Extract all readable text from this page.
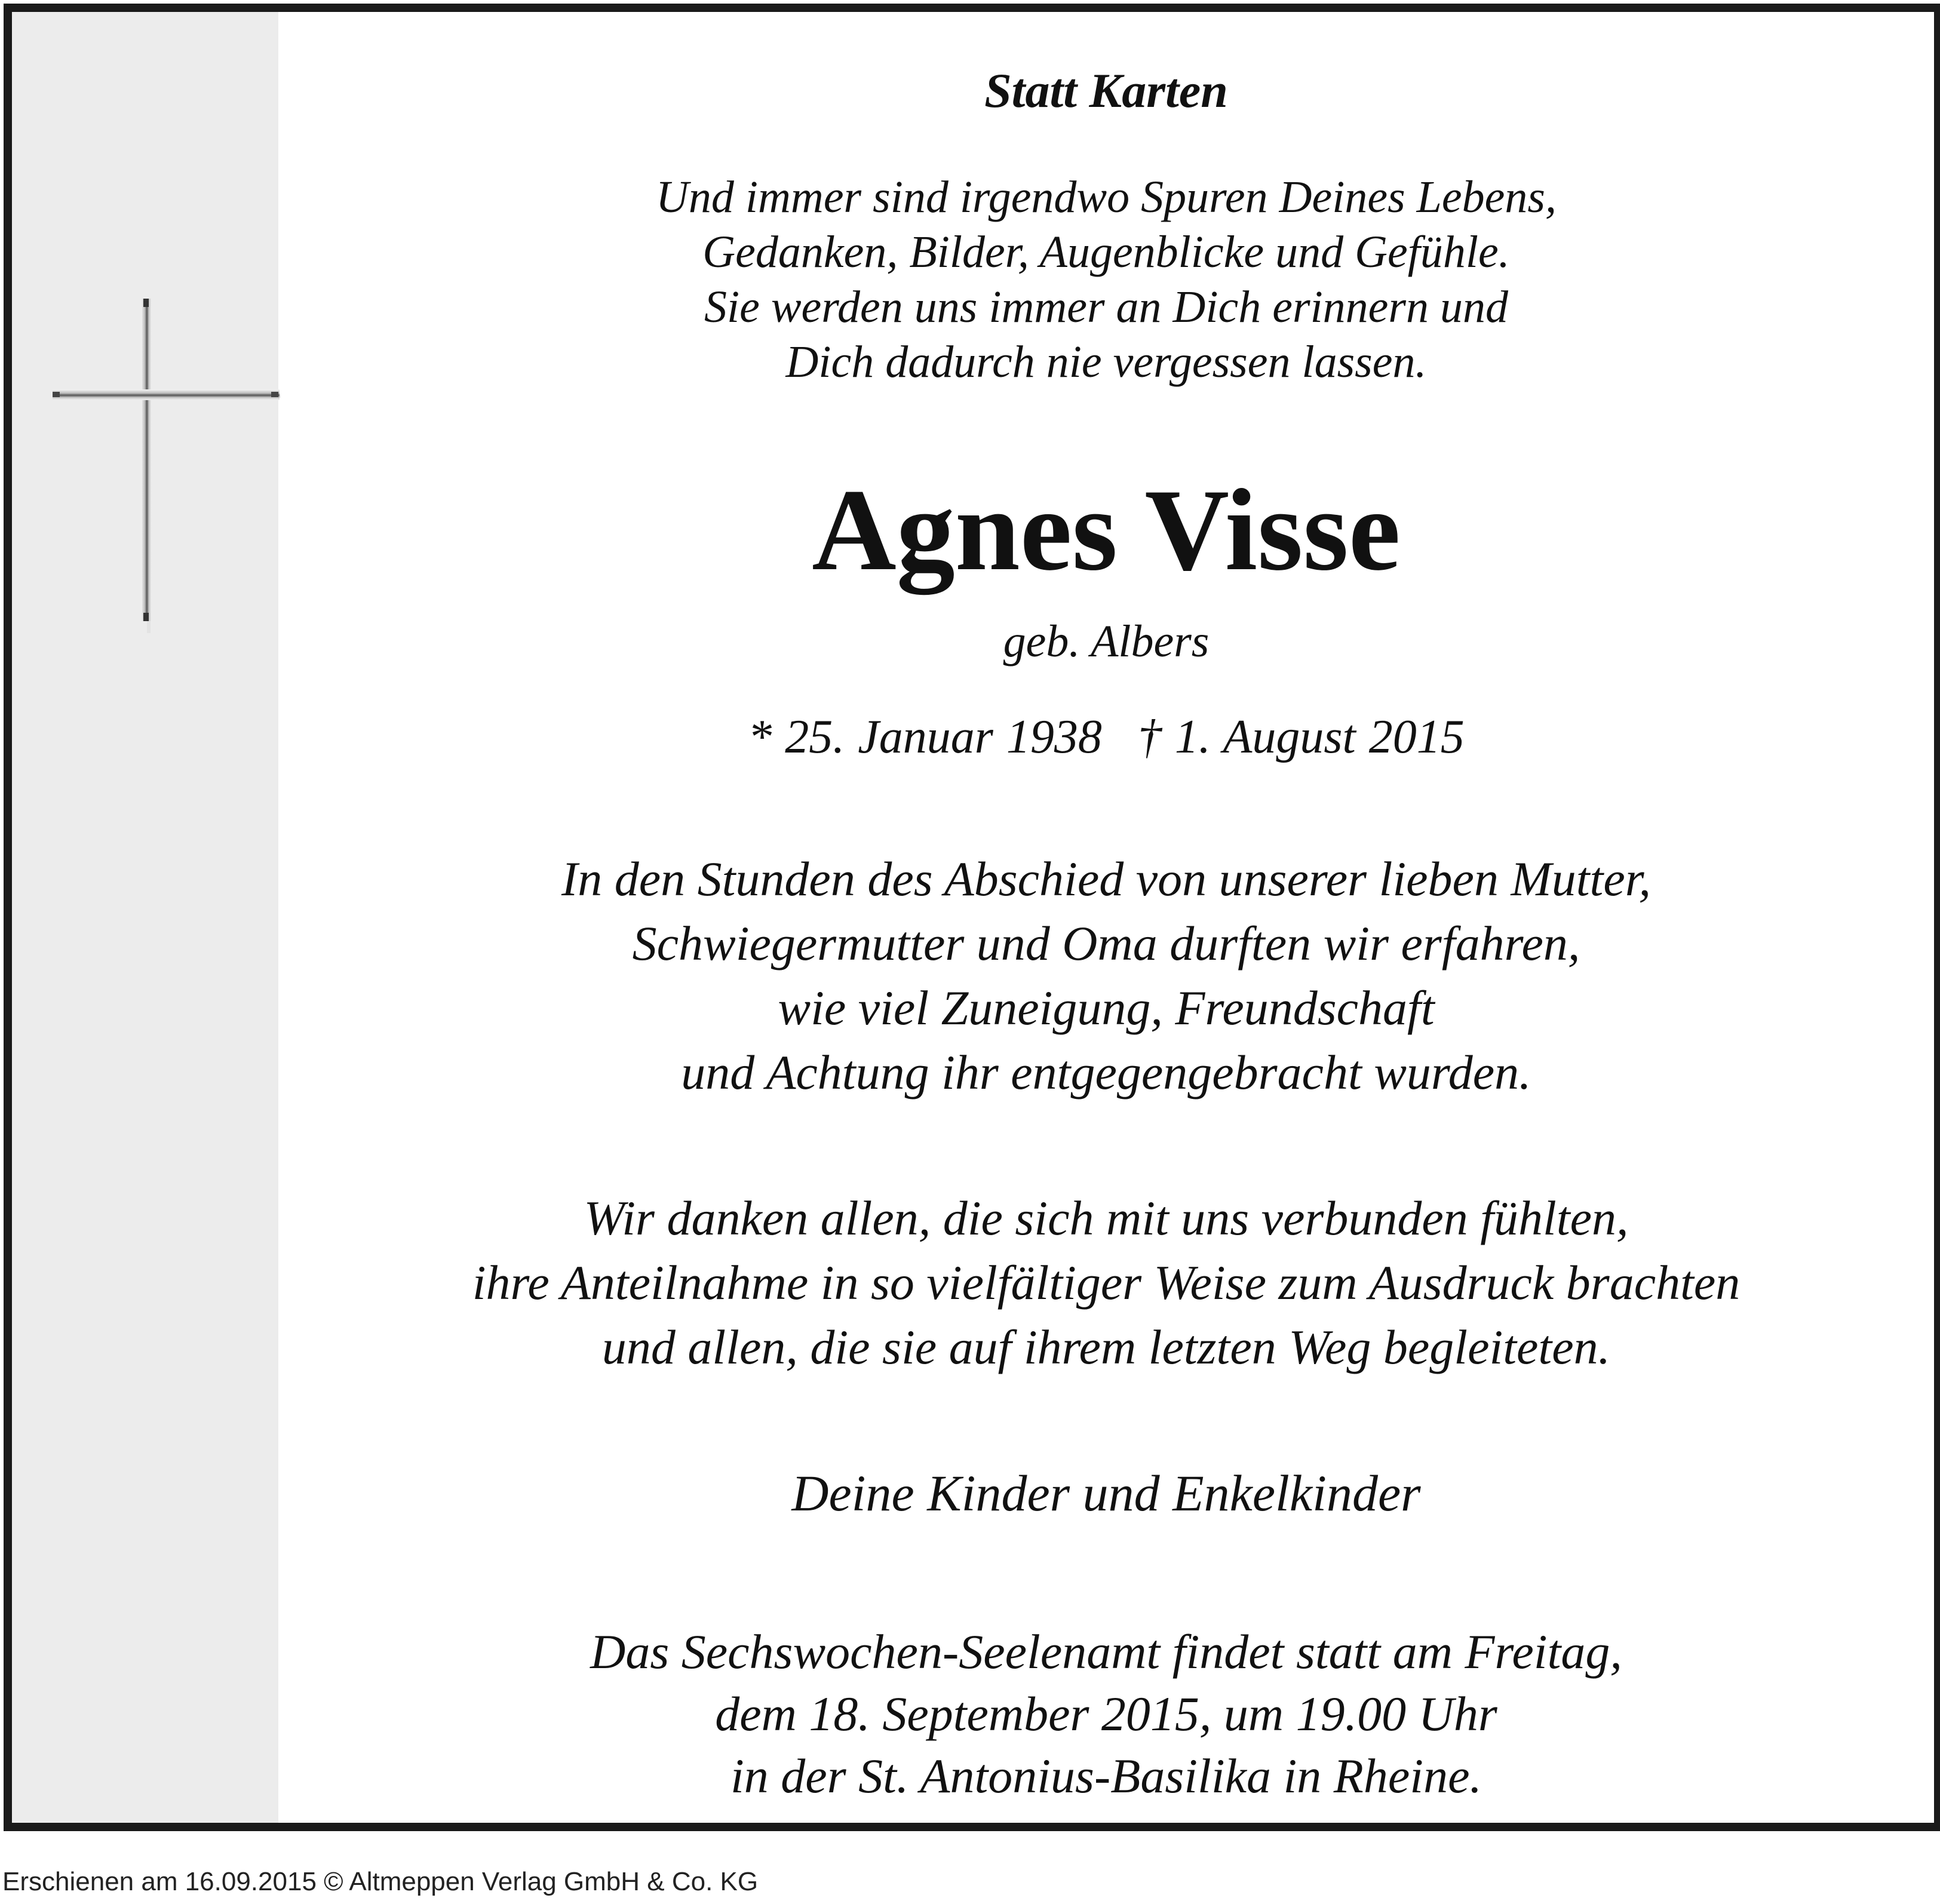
Statt Karten
Und immer sind irgendwo Spuren Deines Lebens,
Gedanken, Bilder, Augenblicke und Gefühle.
Sie werden uns immer an Dich erinnern und
Dich dadurch nie vergessen lassen.
Agnes Visse
geb. Albers
* 25. Januar 1938 † 1. August 2015
In den Stunden des Abschied von unserer lieben Mutter,
Schwiegermutter und Oma durften wir erfahren,
wie viel Zuneigung, Freundschaft
und Achtung ihr entgegengebracht wurden.
Wir danken allen, die sich mit uns verbunden fühlten,
ihre Anteilnahme in so vielfältiger Weise zum Ausdruck brachten
und allen, die sie auf ihrem letzten Weg begleiteten.
Deine Kinder und Enkelkinder
Das Sechswochen-Seelenamt findet statt am Freitag,
dem 18. September 2015, um 19.00 Uhr
in der St. Antonius-Basilika in Rheine.
Erschienen am 16.09.2015 © Altmeppen Verlag GmbH & Co. KG
